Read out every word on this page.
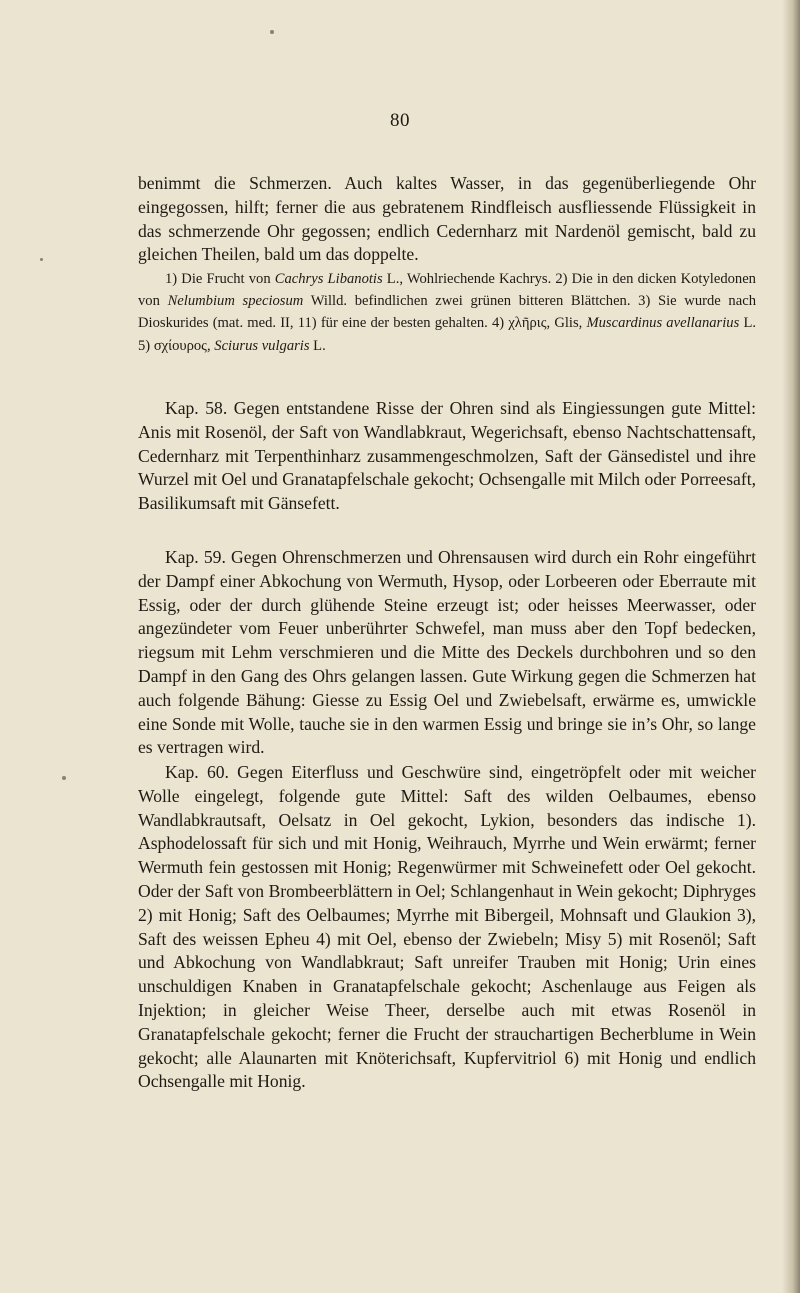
80

benimmt die Schmerzen. Auch kaltes Wasser, in das gegenüberliegende Ohr eingegossen, hilft; ferner die aus gebratenem Rindfleisch ausfliessende Flüssigkeit in das schmerzende Ohr gegossen; endlich Cedernharz mit Nardenöl gemischt, bald zu gleichen Theilen, bald um das doppelte.

1) Die Frucht von Cachrys Libanotis L., Wohlriechende Kachrys. 2) Die in den dicken Kotyledonen von Nelumbium speciosum Willd. befindlichen zwei grünen bitteren Blättchen. 3) Sie wurde nach Dioskurides (mat. med. II, 11) für eine der besten gehalten. 4) χλῆρις, Glis, Muscardinus avellanarius L. 5) σχίουρος, Sciurus vulgaris L.

Kap. 58. Gegen entstandene Risse der Ohren sind als Eingiessungen gute Mittel: Anis mit Rosenöl, der Saft von Wandlabkraut, Wegerichsaft, ebenso Nachtschattensaft, Cedernharz mit Terpenthinharz zusammengeschmolzen, Saft der Gänsedistel und ihre Wurzel mit Oel und Granatapfelschale gekocht; Ochsengalle mit Milch oder Porreesaft, Basilikumsaft mit Gänsefett.

Kap. 59. Gegen Ohrenschmerzen und Ohrensausen wird durch ein Rohr eingeführt der Dampf einer Abkochung von Wermuth, Hysop, oder Lorbeeren oder Eberraute mit Essig, oder der durch glühende Steine erzeugt ist; oder heisses Meerwasser, oder angezündeter vom Feuer unberührter Schwefel, man muss aber den Topf bedecken, riegsum mit Lehm verschmieren und die Mitte des Deckels durchbohren und so den Dampf in den Gang des Ohrs gelangen lassen. Gute Wirkung gegen die Schmerzen hat auch folgende Bähung: Giesse zu Essig Oel und Zwiebelsaft, erwärme es, umwickle eine Sonde mit Wolle, tauche sie in den warmen Essig und bringe sie in’s Ohr, so lange es vertragen wird.

Kap. 60. Gegen Eiterfluss und Geschwüre sind, eingetröpfelt oder mit weicher Wolle eingelegt, folgende gute Mittel: Saft des wilden Oelbaumes, ebenso Wandlabkrautsaft, Oelsatz in Oel gekocht, Lykion, besonders das indische 1). Asphodelossaft für sich und mit Honig, Weihrauch, Myrrhe und Wein erwärmt; ferner Wermuth fein gestossen mit Honig; Regenwürmer mit Schweinefett oder Oel gekocht. Oder der Saft von Brombeerblättern in Oel; Schlangenhaut in Wein gekocht; Diphryges 2) mit Honig; Saft des Oelbaumes; Myrrhe mit Bibergeil, Mohnsaft und Glaukion 3), Saft des weissen Epheu 4) mit Oel, ebenso der Zwiebeln; Misy 5) mit Rosenöl; Saft und Abkochung von Wandlabkraut; Saft unreifer Trauben mit Honig; Urin eines unschuldigen Knaben in Granatapfelschale gekocht; Aschenlauge aus Feigen als Injektion; in gleicher Weise Theer, derselbe auch mit etwas Rosenöl in Granatapfelschale gekocht; ferner die Frucht der strauchartigen Becherblume in Wein gekocht; alle Alaunarten mit Knöterichsaft, Kupfervitriol 6) mit Honig und endlich Ochsengalle mit Honig.
